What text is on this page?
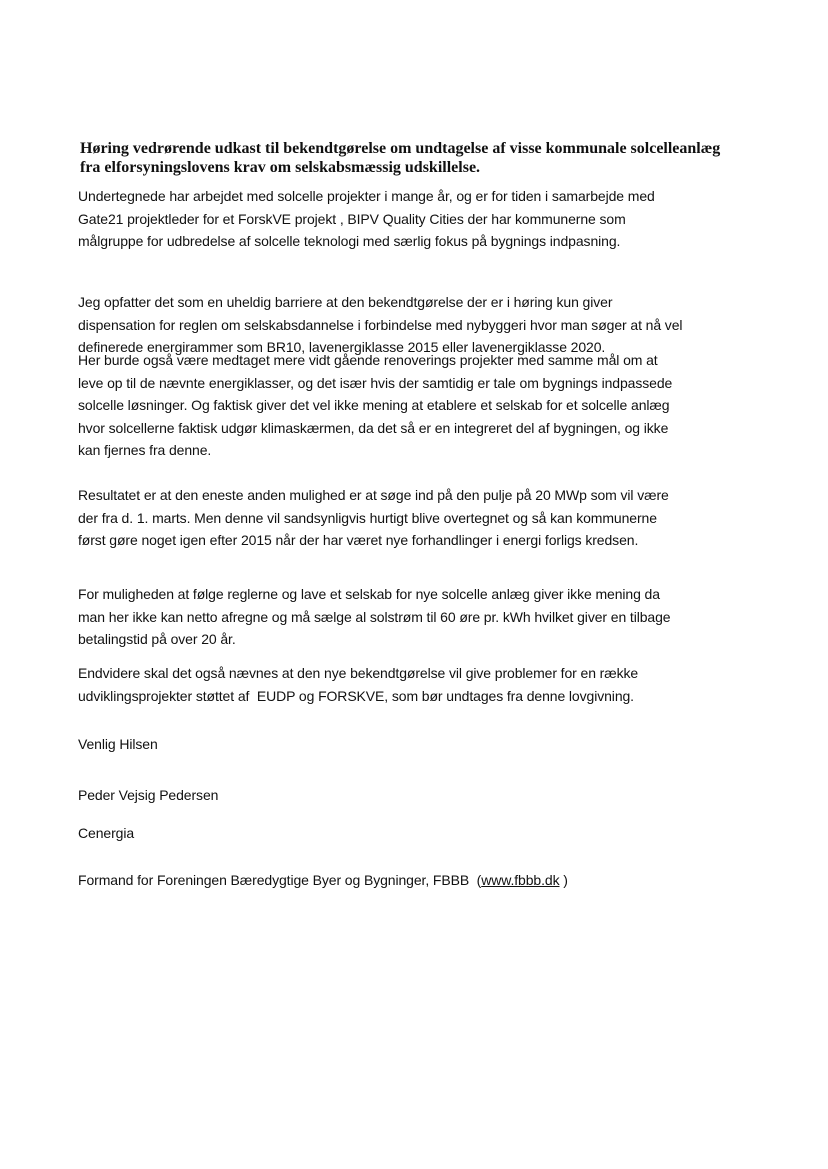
Høring vedrørende udkast til bekendtgørelse om undtagelse af visse kommunale solcelleanlæg
fra elforsyningslovens krav om selskabsmæssig udskillelse.
Undertegnede har arbejdet med solcelle projekter i mange år, og er for tiden i samarbejde med
Gate21 projektleder for et ForskVE projekt , BIPV Quality Cities der har kommunerne som
målgruppe for udbredelse af solcelle teknologi med særlig fokus på bygnings indpasning.
Jeg opfatter det som en uheldig barriere at den bekendtgørelse der er i høring kun giver
dispensation for reglen om selskabsdannelse i forbindelse med nybyggeri hvor man søger at nå vel
definerede energirammer som BR10, lavenergiklasse 2015 eller lavenergiklasse 2020.
Her burde også være medtaget mere vidt gående renoverings projekter med samme mål om at
leve op til de nævnte energiklasser, og det især hvis der samtidig er tale om bygnings indpassede
solcelle løsninger. Og faktisk giver det vel ikke mening at etablere et selskab for et solcelle anlæg
hvor solcellerne faktisk udgør klimaskærmen, da det så er en integreret del af bygningen, og ikke
kan fjernes fra denne.
Resultatet er at den eneste anden mulighed er at søge ind på den pulje på 20 MWp som vil være
der fra d. 1. marts. Men denne vil sandsynligvis hurtigt blive overtegnet og så kan kommunerne
først gøre noget igen efter 2015 når der har været nye forhandlinger i energi forligs kredsen.
For muligheden at følge reglerne og lave et selskab for nye solcelle anlæg giver ikke mening da
man her ikke kan netto afregne og må sælge al solstrøm til 60 øre pr. kWh hvilket giver en tilbage
betalingstid på over 20 år.
Endvidere skal det også nævnes at den nye bekendtgørelse vil give problemer for en række
udviklingsprojekter støttet af  EUDP og FORSKVE, som bør undtages fra denne lovgivning.
Venlig Hilsen
Peder Vejsig Pedersen
Cenergia
Formand for Foreningen Bæredygtige Byer og Bygninger, FBBB  (www.fbbb.dk )
